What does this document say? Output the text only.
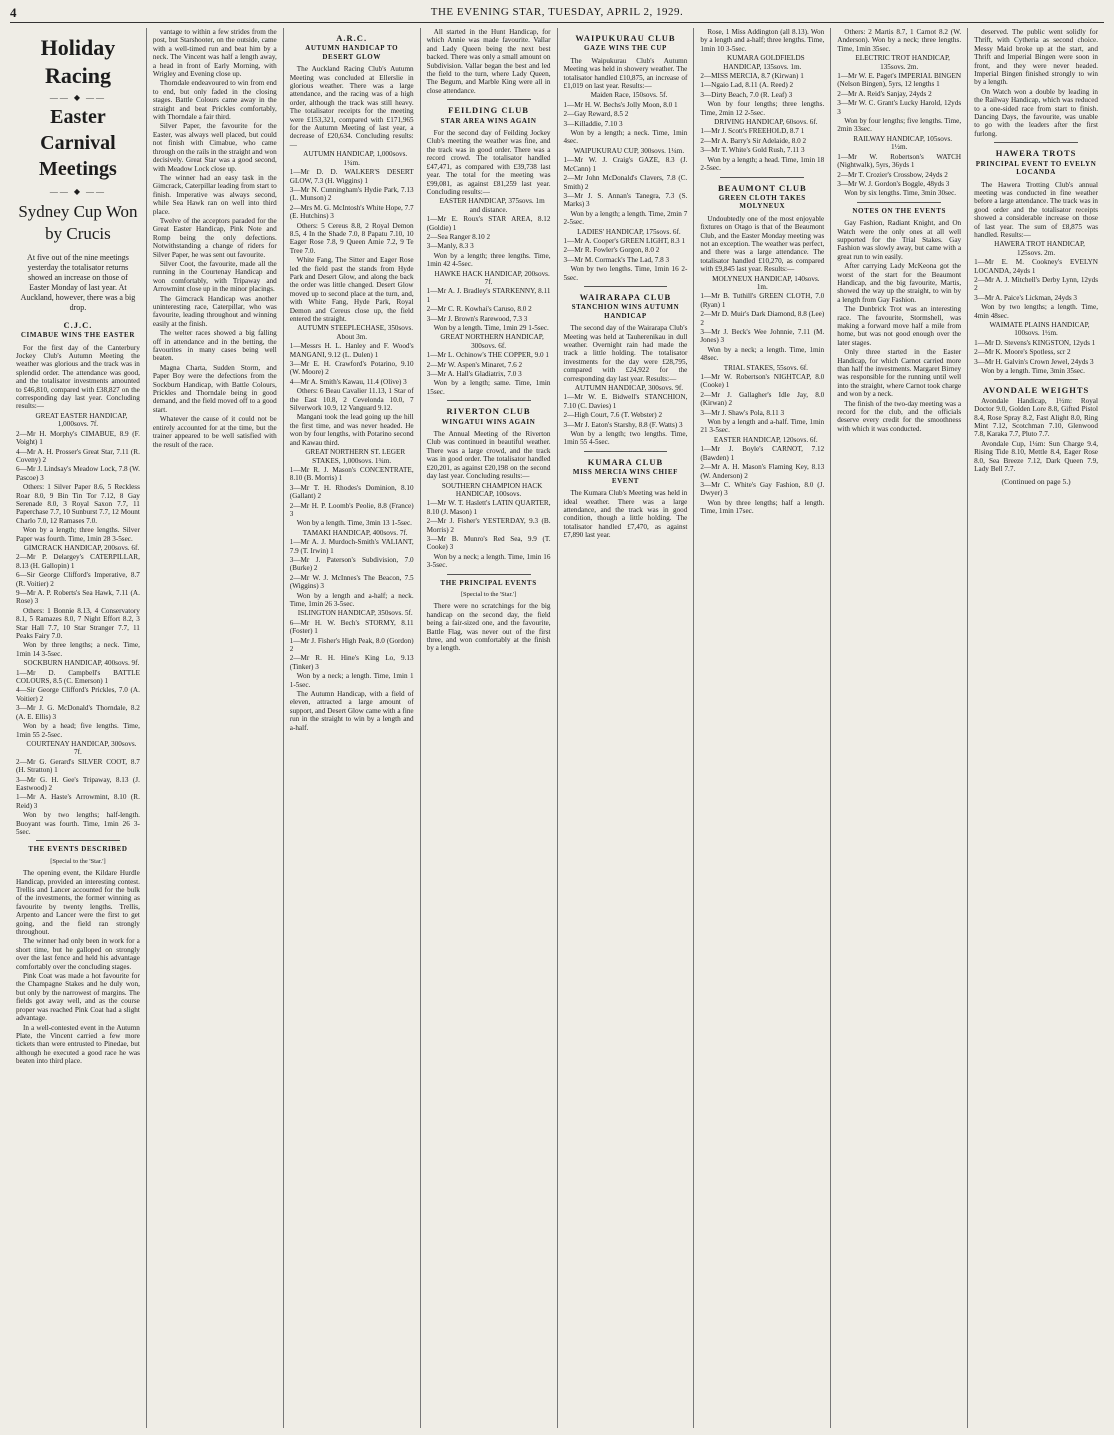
4	THE EVENING STAR, TUESDAY, APRIL 2, 1929.
Holiday Racing
—— ◆ ——
Easter Carnival Meetings
—— ◆ ——
Sydney Cup Won by Crucis
At five out of the nine meetings yesterday the totalisator returns showed an increase on those of Easter Monday of last year. At Auckland, however, there was a big drop.
C.J.C.
CIMABUE WINS THE EASTER

For the first day of the Canterbury Jockey Club's Autumn Meeting the weather was glorious and the track was in splendid order. The attendance was good, and the totalisator investments amounted to £46,810, compared with £38,827 on the corresponding day last year. Concluding results:—

GREAT EASTER HANDICAP, 1,000sovs. 7f.

2—Mr H. Morphy's CIMABUE, 8.9 (F. Voight) 1

4—Mr A. H. Prosser's Great Star, 7.11 (R. Coveny) 2

6—Mr J. Lindsay's Meadow Lock, 7.8 (W. Pascoe) 3

Others: 1 Silver Paper 8.6, 5 Reckless Roar 8.0, 9 Bin Tin Tor 7.12, 8 Gay Serenade 8.0, 3 Royal Saxon 7.7, 11 Paperchase 7.7, 10 Sunburst 7.7, 12 Mount Charlo 7.0, 12 Ramases 7.0.

Won by a length; three lengths. Silver Paper was fourth. Time, 1min 28 3-5sec.

GIMCRACK HANDICAP, 200sovs. 6f.

2—Mr P. Delargey's CATERPILLAR, 8.13 (H. Gallopin) 1

6—Sir George Clifford's Imperative, 8.7 (R. Voitier) 2

9—Mr A. P. Roberts's Sea Hawk, 7.11 (A. Rose) 3

Others: 1 Bonnie 8.13, 4 Conservatory 8.1, 5 Ramazes 8.0, 7 Night Effort 8.2, 3 Star Hall 7.7, 10 Star Stranger 7.7, 11 Peaks Fairy 7.0.

Won by three lengths; a neck. Time, 1min 14 3-5sec.

SOCKBURN HANDICAP, 400sovs. 9f.

1—Mr D. Campbell's BATTLE COLOURS, 8.5 (C. Emerson) 1

4—Sir George Clifford's Prickles, 7.0 (A. Voitier) 2

3—Mr J. G. McDonald's Thorndale, 8.2 (A. E. Ellis) 3

Won by a head; five lengths. Time, 1min 55 2-5sec.

COURTENAY HANDICAP, 300sovs. 7f.

2—Mr G. Gerard's SILVER COOT, 8.7 (H. Stratton) 1

3—Mr G. H. Gee's Tripaway, 8.13 (J. Eastwood) 2

1—Mr A. Haste's Arrowmint, 8.10 (R. Reid) 3

Won by two lengths; half-length. Buoyant was fourth. Time, 1min 26 3-5sec.

THE EVENTS DESCRIBED
[Special to the 'Star.']

The opening event, the Kildare Hurdle Handicap, provided an interesting contest. Trellis and Lancer accounted for the bulk of the investments, the former winning as favourite by twenty lengths. Trellis, Arpento and Lancer were the first to get going, and the field ran strongly throughout.

The winner had only been in work for a short time, but he galloped on strongly over the last fence and held his advantage comfortably over the concluding stages.

Pink Coat was made a hot favourite for the Champagne Stakes and he duly won, but only by the narrowest of margins. The fields got away well, and as the course proper was reached Pink Coat had a slight advantage.

In a well-contested event in the Autumn Plate, the Vincent carried a few more tickets than were entrusted to Pinedae, but although he executed a good race he was beaten into third place.

vantage to within a few strides from the post, but Starshooter, on the outside, came with a well-timed run and beat him by a neck. The Vincent was half a length away, a head in front of Early Morning, with Wrigley and Evening close up.

Thorndale endeavoured to win from end to end, but only faded in the closing stages. Battle Colours came away in the straight and beat Prickles comfortably, with Thorndale a fair third.

Silver Paper, the favourite for the Easter, was always well placed, but could not finish with Cimabue, who came through on the rails in the straight and won decisively. Great Star was a good second, with Meadow Lock close up.

The winner had an easy task in the Gimcrack, Caterpillar leading from start to finish. Imperative was always second, while Sea Hawk ran on well into third place.

Twelve of the acceptors paraded for the Great Easter Handicap, Pink Note and Romp being the only defections. Notwithstanding a change of riders for Silver Paper, he was sent out favourite.

Silver Coot, the favourite, made all the running in the Courtenay Handicap and won comfortably, with Tripaway and Arrowmint close up in the minor placings.

The Gimcrack Handicap was another uninteresting race, Caterpillar, who was favourite, leading throughout and winning easily at the finish.

The welter races showed a big falling off in attendance and in the betting, the favourites in many cases being well beaten.

Magna Charta, Sudden Storm, and Paper Boy were the defections from the Sockburn Handicap, with Battle Colours, Prickles and Thorndale being in good demand, and the field moved off to a good start.

Whatever the cause of it could not be entirely accounted for at the time, but the trainer appeared to be well satisfied with the result of the race.

A.R.C.
AUTUMN HANDICAP TO DESERT GLOW

The Auckland Racing Club's Autumn Meeting was concluded at Ellerslie in glorious weather. There was a large attendance, and the racing was of a high order, although the track was still heavy. The totalisator receipts for the meeting were £153,321, compared with £171,965 for the Autumn Meeting of last year, a decrease of £20,634. Concluding results:—

AUTUMN HANDICAP, 1,000sovs. 1¼m.

1—Mr D. D. WALKER'S DESERT GLOW, 7.3 (H. Wiggins) 1

3—Mr N. Cunningham's Hydie Park, 7.13 (L. Munson) 2

2—Mrs M. G. McIntosh's White Hope, 7.7 (E. Hutchins) 3

Others: 5 Cereus 8.8, 2 Royal Demon 8.5, 4 In the Shade 7.0, 8 Papatu 7.10, 10 Eager Rose 7.8, 9 Queen Amie 7.2, 9 Te Tree 7.0.

White Fang, The Sitter and Eager Rose led the field past the stands from Hyde Park and Desert Glow, and along the back the order was little changed. Desert Glow moved up to second place at the turn, and, with White Fang, Hyde Park, Royal Demon and Cereus close up, the field entered the straight.

AUTUMN STEEPLECHASE, 350sovs. About 3m.

1—Messrs H. L. Hanley and F. Wood's MANGANI, 9.12 (L. Dulen) 1

3—Mr E. H. Crawford's Potarino, 9.10 (W. Moore) 2

4—Mr A. Smith's Kawau, 11.4 (Olive) 3

Others: 6 Beau Cavalier 11.13, 1 Star of the East 10.8, 2 Cevelonda 10.0, 7 Silverwork 10.9, 12 Vanguard 9.12.

Mangani took the lead going up the hill the first time, and was never headed. He won by four lengths, with Potarino second and Kawau third.

GREAT NORTHERN ST. LEGER STAKES, 1,000sovs. 1¾m.

1—Mr R. J. Mason's CONCENTRATE, 8.10 (B. Morris) 1

3—Mr T. H. Rhodes's Dominion, 8.10 (Gallant) 2

2—Mr H. P. Loomb's Peolie, 8.8 (France) 3

Won by a length. Time, 3min 13 1-5sec.

TAMAKI HANDICAP, 400sovs. 7f.

1—Mr A. J. Murdoch-Smith's VALIANT, 7.9 (T. Irwin) 1

3—Mr J. Paterson's Subdivision, 7.0 (Burke) 2

2—Mr W. J. McInnes's The Beacon, 7.5 (Wiggins) 3

Won by a length and a-half; a neck. Time, 1min 26 3-5sec.

ISLINGTON HANDICAP, 350sovs. 5f.

6—Mr H. W. Bech's STORMY, 8.11 (Foster) 1

1—Mr J. Fisher's High Peak, 8.0 (Gordon) 2

2—Mr R. H. Hine's King Lo, 9.13 (Tinker) 3

Won by a neck; a length. Time, 1min 1 1-5sec.

The Autumn Handicap, with a field of eleven, attracted a large amount of support, and Desert Glow came with a fine run in the straight to win by a length and a-half.

All started in the Hunt Handicap, for which Annie was made favourite. Vallar and Lady Queen being the next best backed. There was only a small amount on Subdivision. Vallar began the best and led the field to the turn, where Lady Queen, The Begum, and Marble King were all in close attendance.

FEILDING CLUB
STAR AREA WINS AGAIN

For the second day of Feilding Jockey Club's meeting the weather was fine, and the track was in good order. There was a record crowd. The totalisator handled £47,471, as compared with £39,738 last year. The total for the meeting was £99,081, as against £81,259 last year. Concluding results:—

EASTER HANDICAP, 375sovs. 1m and distance.

1—Mr E. Roux's STAR AREA, 8.12 (Goldie) 1

2—Sea Ranger 8.10 2

3—Manly, 8.3 3

Won by a length; three lengths. Time, 1min 42 4-5sec.

HAWKE HACK HANDICAP, 200sovs. 7f.

1—Mr A. J. Bradley's STARKENNY, 8.11 1

2—Mr C. R. Kowhai's Caruso, 8.0 2

3—Mr J. Brown's Rarewood, 7.3 3

Won by a length. Time, 1min 29 1-5sec.

GREAT NORTHERN HANDICAP, 300sovs. 6f.

1—Mr L. Ochinow's THE COPPER, 9.0 1

2—Mr W. Aspen's Minaret, 7.6 2

3—Mr A. Hall's Gladiatrix, 7.0 3

Won by a length; same. Time, 1min 15sec.

RIVERTON CLUB
WINGATUI WINS AGAIN

The Annual Meeting of the Riverton Club was continued in beautiful weather. There was a large crowd, and the track was in good order. The totalisator handled £20,201, as against £20,198 on the second day last year. Concluding results:—

SOUTHERN CHAMPION HACK HANDICAP, 100sovs.

1—Mr W. T. Haslett's LATIN QUARTER, 8.10 (J. Mason) 1

2—Mr J. Fisher's YESTERDAY, 9.3 (B. Morris) 2

3—Mr B. Munro's Red Sea, 9.9 (T. Cooke) 3

Won by a neck; a length. Time, 1min 16 3-5sec.

THE PRINCIPAL EVENTS
[Special to the 'Star.']

There were no scratchings for the big handicap on the second day, the field being a fair-sized one, and the favourite, Battle Flag, was never out of the first three, and won comfortably at the finish by a length.

WAIPUKURAU CLUB
GAZE WINS THE CUP

The Waipukurau Club's Autumn Meeting was held in showery weather. The totalisator handled £10,875, an increase of £1,019 on last year. Results:—

Maiden Race, 150sovs. 5f.

1—Mr H. W. Bechs's Jolly Moon, 8.0 1

2—Gay Reward, 8.5 2

3—Killaddie, 7.10 3

Won by a length; a neck. Time, 1min 4sec.

WAIPUKURAU CUP, 300sovs. 1¼m.

1—Mr W. J. Craig's GAZE, 8.3 (J. McCann) 1

2—Mr John McDonald's Clavers, 7.8 (C. Smith) 2

3—Mr J. S. Annan's Tanegra, 7.3 (S. Marks) 3

Won by a length; a length. Time, 2min 7 2-5sec.

LADIES' HANDICAP, 175sovs. 6f.

1—Mr A. Cooper's GREEN LIGHT, 8.3 1

2—Mr R. Fowler's Gorgon, 8.0 2

3—Mr M. Cormack's The Lad, 7.8 3

Won by two lengths. Time, 1min 16 2-5sec.

WAIRARAPA CLUB
STANCHION WINS AUTUMN HANDICAP

The second day of the Wairarapa Club's Meeting was held at Tauherenikau in dull weather. Overnight rain had made the track a little holding. The totalisator investments for the day were £28,795, compared with £24,922 for the corresponding day last year. Results:—

AUTUMN HANDICAP, 300sovs. 9f.

1—Mr W. E. Bidwell's STANCHION, 7.10 (C. Davies) 1

2—High Court, 7.6 (T. Webster) 2

3—Mr J. Eaton's Starshy, 8.8 (F. Watts) 3

Won by a length; two lengths. Time, 1min 55 4-5sec.

KUMARA CLUB
MISS MERCIA WINS CHIEF EVENT

The Kumara Club's Meeting was held in ideal weather. There was a large attendance, and the track was in good condition, though a little holding. The totalisator handled £7,470, as against £7,890 last year.

Rose, 1 Miss Addington (all 8.13). Won by a length and a-half; three lengths. Time, 1min 10 3-5sec.

KUMARA GOLDFIELDS HANDICAP, 135sovs. 1m.

2—MISS MERCIA, 8.7 (Kirwan) 1

1—Ngaio Lad, 8.11 (A. Reed) 2

3—Dirty Beach, 7.0 (R. Leaf) 3

Won by four lengths; three lengths. Time, 2min 12 2-5sec.

DRIVING HANDICAP, 60sovs. 6f.

1—Mr J. Scott's FREEHOLD, 8.7 1

2—Mr A. Barry's Sir Adelaide, 8.0 2

3—Mr T. White's Gold Rush, 7.11 3

Won by a length; a head. Time, 1min 18 2-5sec.

BEAUMONT CLUB
GREEN CLOTH TAKES MOLYNEUX

Undoubtedly one of the most enjoyable fixtures on Otago is that of the Beaumont Club, and the Easter Monday meeting was not an exception. The weather was perfect, and there was a large attendance. The totalisator handled £10,270, as compared with £9,845 last year. Results:—

MOLYNEUX HANDICAP, 140sovs. 1m.

1—Mr B. Tuthill's GREEN CLOTH, 7.0 (Ryan) 1

2—Mr D. Muir's Dark Diamond, 8.8 (Lee) 2

3—Mr J. Beck's Wee Johnnie, 7.11 (M. Jones) 3

Won by a neck; a length. Time, 1min 48sec.

TRIAL STAKES, 55sovs. 6f.

1—Mr W. Robertson's NIGHTCAP, 8.0 (Cooke) 1

2—Mr J. Gallagher's Idle Jay, 8.0 (Kirwan) 2

3—Mr J. Shaw's Pola, 8.11 3

Won by a length and a-half. Time, 1min 21 3-5sec.

EASTER HANDICAP, 120sovs. 6f.

1—Mr J. Boyle's CARNOT, 7.12 (Bawden) 1

2—Mr A. H. Mason's Flaming Key, 8.13 (W. Anderson) 2

3—Mr C. White's Gay Fashion, 8.0 (J. Dwyer) 3

Won by three lengths; half a length. Time, 1min 17sec.

Others: 2 Martis 8.7, 1 Carnot 8.2 (W. Anderson). Won by a neck; three lengths. Time, 1min 35sec.

ELECTRIC TROT HANDICAP, 135sovs. 2m.

1—Mr W. E. Paget's IMPERIAL BINGEN (Nelson Bingen), 5yrs, 12 lengths 1

2—Mr A. Reid's Sanjay, 24yds 2

3—Mr W. C. Grant's Lucky Harold, 12yds 3

Won by four lengths; five lengths. Time, 2min 33sec.

RAILWAY HANDICAP, 105sovs. 1½m.

1—Mr W. Robertson's WATCH (Nightwalk), 5yrs, 36yds 1

2—Mr T. Crozier's Crossbow, 24yds 2

3—Mr W. J. Gordon's Boggle, 48yds 3

Won by six lengths. Time, 3min 30sec.

NOTES ON THE EVENTS

Gay Fashion, Radiant Knight, and On Watch were the only ones at all well supported for the Trial Stakes. Gay Fashion was slowly away, but came with a great run to win easily.

After carrying Lady McKeona got the worst of the start for the Beaumont Handicap, and the big favourite, Martis, showed the way up the straight, to win by a length from Gay Fashion.

The Dunbrick Trot was an interesting race. The favourite, Stormshell, was making a forward move half a mile from home, but was not good enough over the later stages.

Only three started in the Easter Handicap, for which Carnot carried more than half the investments. Margaret Birney was responsible for the running until well into the straight, where Carnot took charge and won by a neck.

The finish of the two-day meeting was a record for the club, and the officials deserve every credit for the smoothness with which it was conducted.

deserved. The public went solidly for Thrift, with Cytheria as second choice. Messy Maid broke up at the start, and Thrift and Imperial Bingen were soon in front, and they were never headed. Imperial Bingen finished strongly to win by a length.

On Watch won a double by leading in the Railway Handicap, which was reduced to a one-sided race from start to finish. Dancing Days, the favourite, was unable to go with the leaders after the first furlong.

HAWERA TROTS
PRINCIPAL EVENT TO EVELYN LOCANDA

The Hawera Trotting Club's annual meeting was conducted in fine weather before a large attendance. The track was in good order and the totalisator receipts showed a considerable increase on those of last year. The sum of £8,875 was handled. Results:—

HAWERA TROT HANDICAP, 125sovs. 2m.

1—Mr E. M. Cookney's EVELYN LOCANDA, 24yds 1

2—Mr A. J. Mitchell's Derby Lynn, 12yds 2

3—Mr A. Paice's Lickman, 24yds 3

Won by two lengths; a length. Time, 4min 48sec.

WAIMATE PLAINS HANDICAP, 100sovs. 1½m.

1—Mr D. Stevens's KINGSTON, 12yds 1

2—Mr K. Moore's Spotless, scr 2

3—Mr H. Galvin's Crown Jewel, 24yds 3

Won by a length. Time, 3min 35sec.

AVONDALE WEIGHTS

Avondale Handicap, 1½m: Royal Doctor 9.0, Golden Lore 8.8, Gifted Pistol 8.4, Rose Spray 8.2, Fast Alight 8.0, Ring Mint 7.12, Scotchman 7.10, Glenwood 7.8, Karaka 7.7, Pluto 7.7.

Avondale Cup, 1¼m: Sun Charge 9.4, Rising Tide 8.10, Mettle 8.4, Eager Rose 8.0, Sea Breeze 7.12, Dark Queen 7.9, Lady Bell 7.7.

(Continued on page 5.)
